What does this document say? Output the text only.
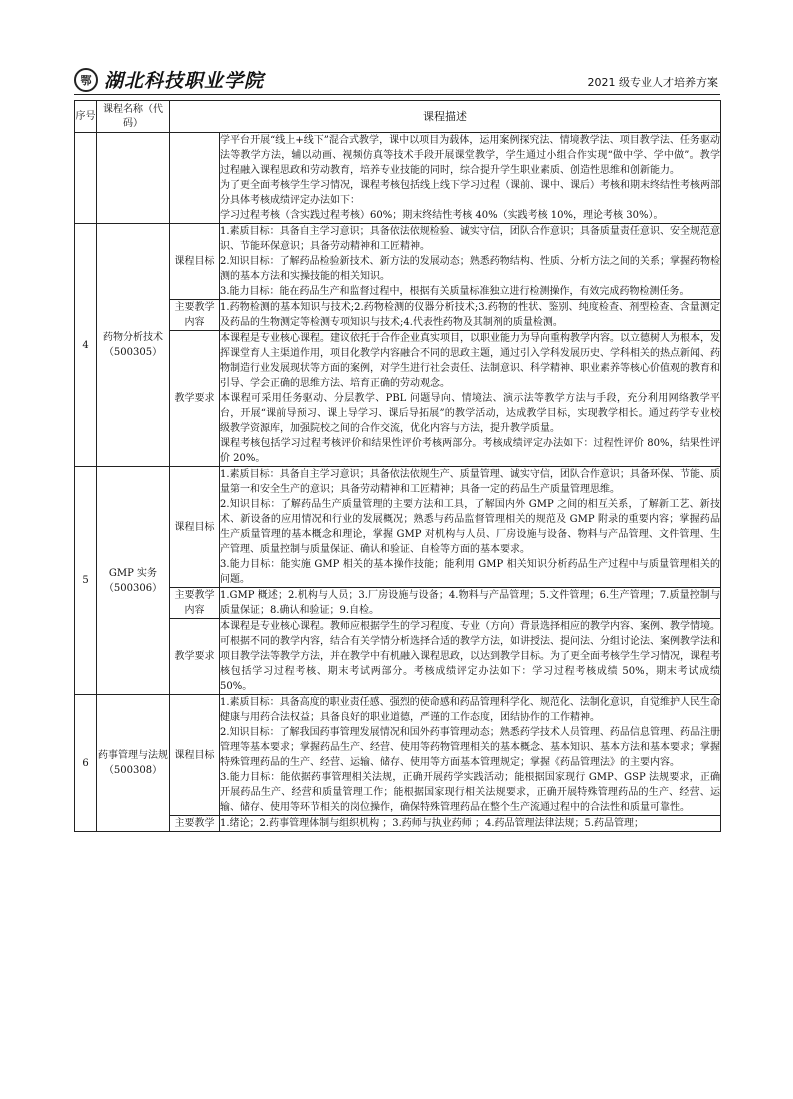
鄂 湖北科技职业学院	2021 级专业人才培养方案
序号	课程名称（代码）	课程描述	

			学平台开展“线上+线下”混合式教学，课中以项目为载体，运用案例探究法、情境教学法、项目教学法、任务驱动法等教学方法，辅以动画、视频仿真等技术手段开展课堂教学，学生通过小组合作实现“做中学、学中做”。教学过程融入课程思政和劳动教育，培养专业技能的同时，综合提升学生职业素质、创造性思维和创新能力。
为了更全面考核学生学习情况，课程考核包括线上线下学习过程（课前、课中、课后）考核和期末终结性考核两部分具体考核成绩评定办法如下：
学习过程考核（含实践过程考核）60%；期末终结性考核 40%（实践考核 10%，理论考核 30%）。

4	药物分析技术（500305）	课程目标	1.素质目标：具备自主学习意识；具备依法依规检验、诚实守信，团队合作意识；具备质量责任意识、安全规范意识、节能环保意识；具备劳动精神和工匠精神。
2.知识目标：了解药品检验新技术、新方法的发展动态；熟悉药物结构、性质、分析方法之间的关系；掌握药物检测的基本方法和实操技能的相关知识。
3.能力目标：能在药品生产和监督过程中，根据有关质量标准独立进行检测操作，有效完成药物检测任务。

		主要教学内容	1.药物检测的基本知识与技术;2.药物检测的仪器分析技术;3.药物的性状、鉴别、纯度检查、剂型检查、含量测定及药品的生物测定等检测专项知识与技术;4.代表性药物及其制剂的质量检测。

		教学要求	本课程是专业核心课程。建议依托于合作企业真实项目，以职业能力为导向重构教学内容。以立德树人为根本，发挥课堂育人主渠道作用，项目化教学内容融合不同的思政主题，通过引入学科发展历史、学科相关的热点新闻、药物制造行业发展现状等方面的案例，对学生进行社会责任、法制意识、科学精神、职业素养等核心价值观的教育和引导、学会正确的思维方法、培育正确的劳动观念。
本课程可采用任务驱动、分层教学、PBL 问题导向、情境法、演示法等教学方法与手段，充分利用网络教学平台，开展“课前导预习、课上导学习、课后导拓展”的教学活动，达成教学目标，实现教学相长。通过药学专业校级教学资源库，加强院校之间的合作交流，优化内容与方法，提升教学质量。
课程考核包括学习过程考核评价和结果性评价考核两部分。考核成绩评定办法如下：过程性评价 80%，结果性评价 20%。

5	GMP 实务（500306）	课程目标	1.素质目标：具备自主学习意识；具备依法依规生产、质量管理、诚实守信，团队合作意识；具备环保、节能、质量第一和安全生产的意识；具备劳动精神和工匠精神；具备一定的药品生产质量管理思维。
2.知识目标：了解药品生产质量管理的主要方法和工具，了解国内外 GMP 之间的相互关系，了解新工艺、新技术、新设备的应用情况和行业的发展概况；熟悉与药品监督管理相关的规范及 GMP 附录的重要内容；掌握药品生产质量管理的基本概念和理论，掌握 GMP 对机构与人员、厂房设施与设备、物料与产品管理、文件管理、生产管理、质量控制与质量保证、确认和验证、自检等方面的基本要求。
3.能力目标：能实施 GMP 相关的基本操作技能；能利用 GMP 相关知识分析药品生产过程中与质量管理相关的问题。

		主要教学内容	1.GMP 概述；2.机构与人员；3.厂房设施与设备；4.物料与产品管理；5.文件管理；6.生产管理；7.质量控制与质量保证；8.确认和验证；9.自检。

		教学要求	本课程是专业核心课程。教师应根据学生的学习程度、专业（方向）背景选择相应的教学内容、案例、教学情境。
可根据不同的教学内容，结合有关学情分析选择合适的教学方法，如讲授法、提问法、分组讨论法、案例教学法和项目教学法等教学方法，并在教学中有机融入课程思政，以达到教学目标。为了更全面考核学生学习情况，课程考核包括学习过程考核、期末考试两部分。考核成绩评定办法如下：学习过程考核成绩 50%，期末考试成绩 50%。

6	药事管理与法规（500308）	课程目标	1.素质目标：具备高度的职业责任感、强烈的使命感和药品管理科学化、规范化、法制化意识，自觉维护人民生命健康与用药合法权益；具备良好的职业道德，严谨的工作态度，团结协作的工作精神。
2.知识目标：了解我国药事管理发展情况和国外药事管理动态；熟悉药学技术人员管理、药品信息管理、药品注册管理等基本要求；掌握药品生产、经营、使用等药物管理相关的基本概念、基本知识、基本方法和基本要求；掌握特殊管理药品的生产、经营、运输、储存、使用等方面基本管理规定；掌握《药品管理法》的主要内容。
3.能力目标：能依据药事管理相关法规，正确开展药学实践活动；能根据国家现行 GMP、GSP 法规要求，正确开展药品生产、经营和质量管理工作；能根据国家现行相关法规要求，正确开展特殊管理药品的生产、经营、运输、储存、使用等环节相关的岗位操作，确保特殊管理药品在整个生产流通过程中的合法性和质量可靠性。

		主要教学	1.绪论；2.药事管理体制与组织机构 ；3.药师与执业药师 ；4.药品管理法律法规；5.药品管理；
